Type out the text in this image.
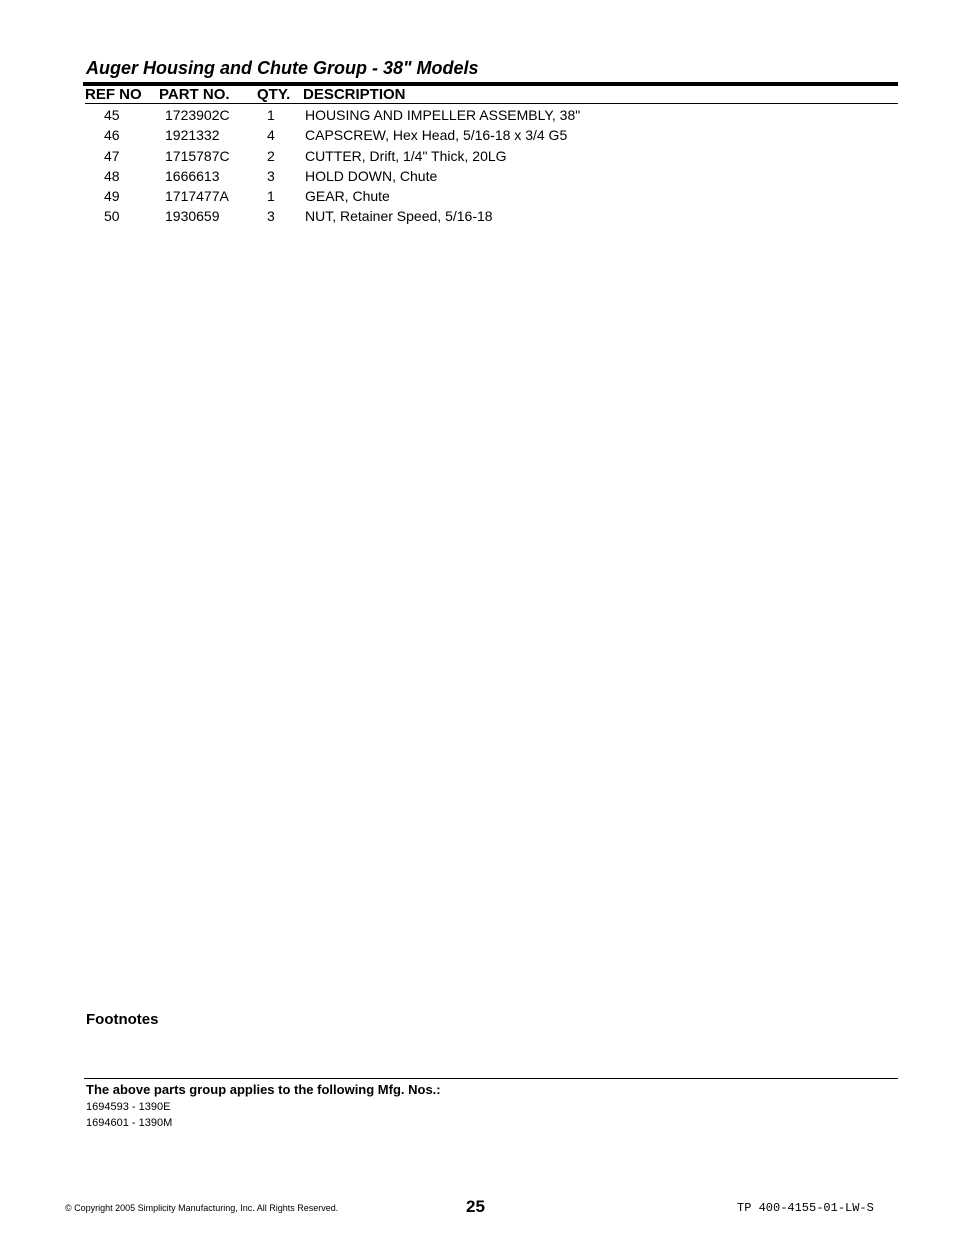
Auger Housing and Chute Group - 38" Models
REF NO PART NO. QTY. DESCRIPTION
45	1723902C	1 HOUSING AND IMPELLER ASSEMBLY, 38"
46	1921332	4 CAPSCREW, Hex Head, 5/16-18 x 3/4 G5
47	1715787C	2 CUTTER, Drift, 1/4" Thick, 20LG
48	1666613	3 HOLD DOWN, Chute
49	1717477A	1 GEAR, Chute
50	1930659	3 NUT, Retainer Speed, 5/16-18
Footnotes
The above parts group applies to the following Mfg. Nos.:
1694593 - 1390E
1694601 - 1390M
© Copyright 2005 Simplicity Manufacturing, Inc. All Rights Reserved.	25	TP 400-4155-01-LW-S
